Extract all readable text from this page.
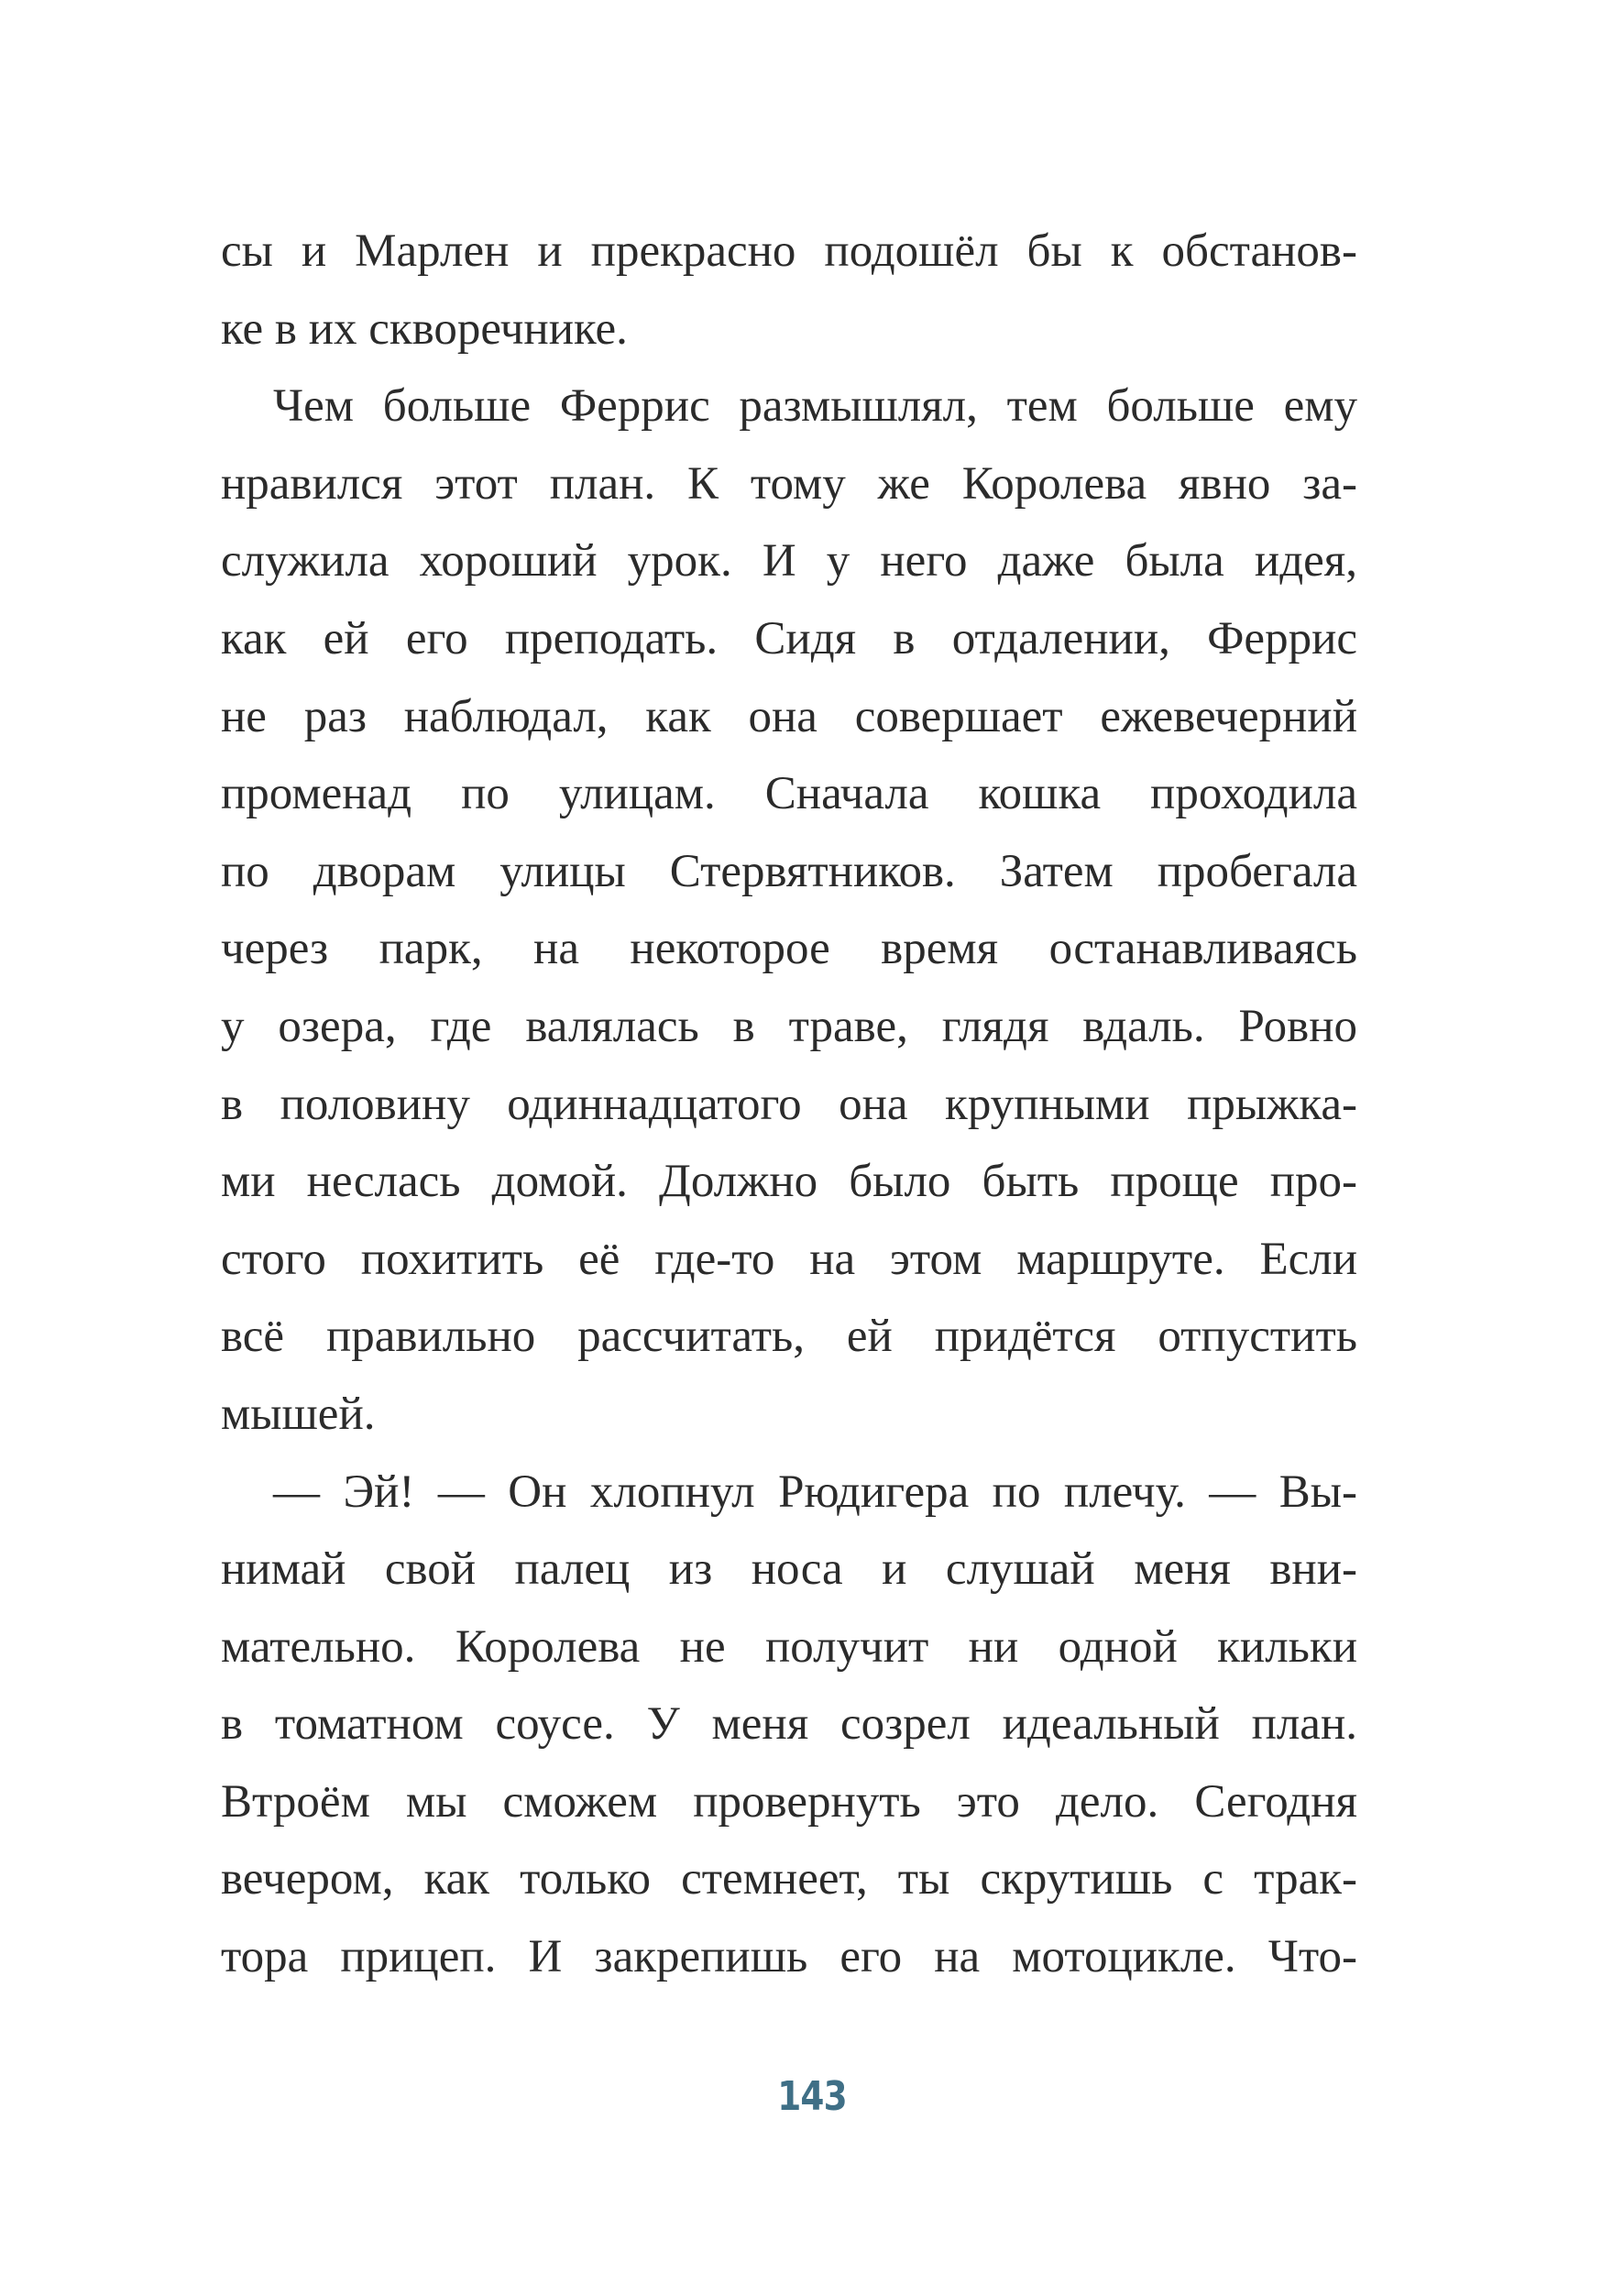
сы и Марлен и прекрасно подошёл бы к обстанов-
ке в их скворечнике.
Чем больше Феррис размышлял, тем больше ему
нравился этот план. К тому же Королева явно за-
служила хороший урок. И у него даже была идея,
как ей его преподать. Сидя в отдалении, Феррис
не раз наблюдал, как она совершает ежевечерний
променад по улицам. Сначала кошка проходила
по дворам улицы Стервятников. Затем пробегала
через парк, на некоторое время останавливаясь
у озера, где валялась в траве, глядя вдаль. Ровно
в половину одиннадцатого она крупными прыжка-
ми неслась домой. Должно было быть проще про-
стого похитить её где-то на этом маршруте. Если
всё правильно рассчитать, ей придётся отпустить
мышей.
— Эй! — Он хлопнул Рюдигера по плечу. — Вы-
нимай свой палец из носа и слушай меня вни-
мательно. Королева не получит ни одной кильки
в томатном соусе. У меня созрел идеальный план.
Втроём мы сможем провернуть это дело. Сегодня
вечером, как только стемнеет, ты скрутишь с трак-
тора прицеп. И закрепишь его на мотоцикле. Что-
143
